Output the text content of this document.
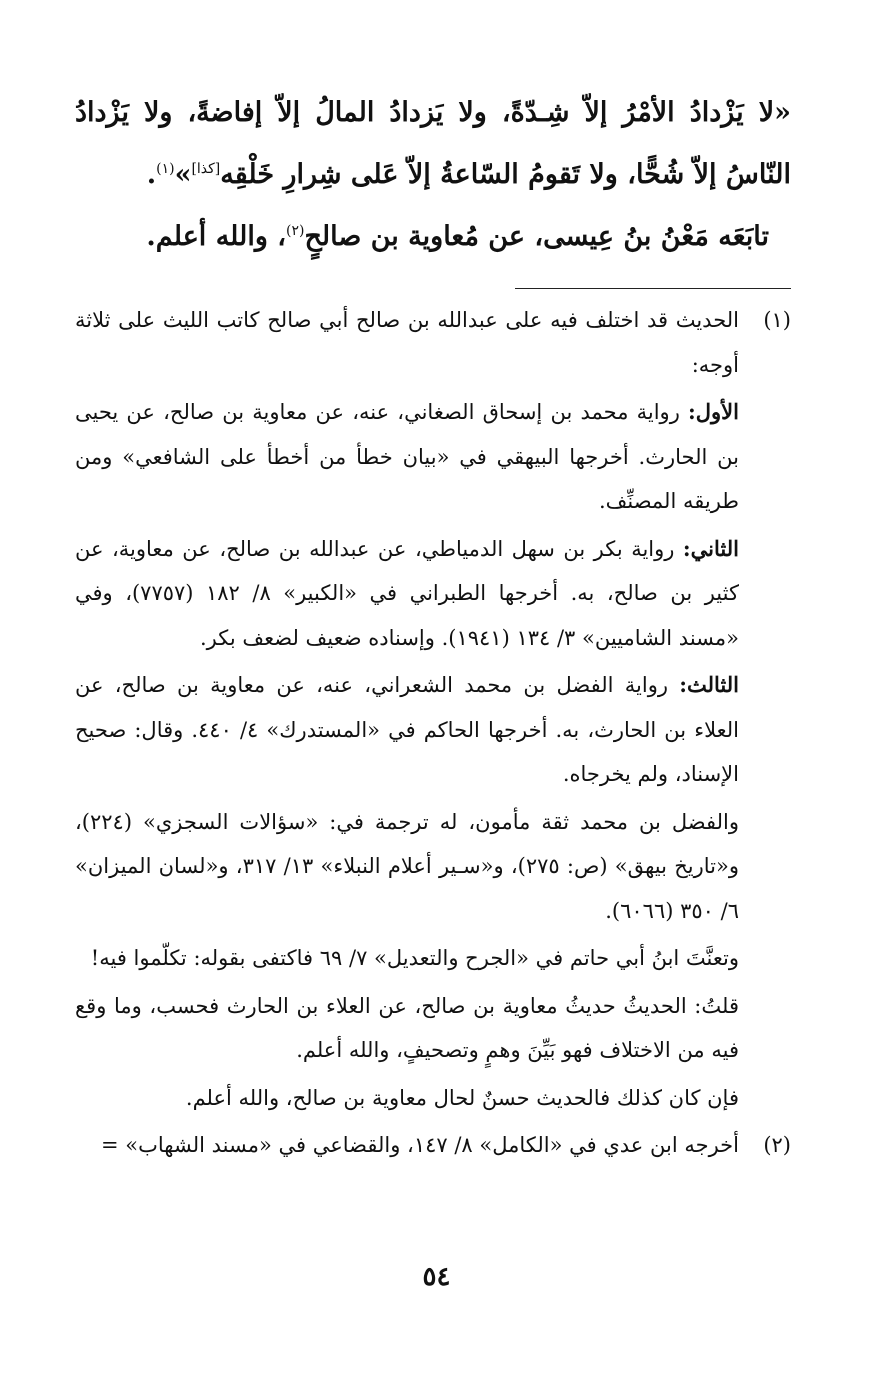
«لا يَزْدادُ الأمْرُ إلاّ شِـدّةً، ولا يَزدادُ المالُ إلاّ إفاضةً، ولا يَزْدادُ النّاسُ إلاّ شُحًّا، ولا تَقومُ السّاعةُ إلاّ عَلى شِرارِ خَلْقِه[كذا]»$^{(١)}$.

تابَعَه مَعْنُ بنُ عِيسى، عن مُعاوية بن صالحٍ$^{(٢)}$، والله أعلم.

(١)

الحديث قد اختلف فيه على عبدالله بن صالح أبي صالح كاتب الليث على ثلاثة أوجه:

الأول: رواية محمد بن إسحاق الصغاني، عنه، عن معاوية بن صالح، عن يحيى بن الحارث. أخرجها البيهقي في «بيان خطأ من أخطأ على الشافعي» ومن طريقه المصنِّف.

الثاني: رواية بكر بن سهل الدمياطي، عن عبدالله بن صالح، عن معاوية، عن كثير بن صالح، به. أخرجها الطبراني في «الكبير» ٨/ ١٨٢ (٧٧٥٧)، وفي «مسند الشاميين» ٣/ ١٣٤ (١٩٤١). وإسناده ضعيف لضعف بكر.

الثالث: رواية الفضل بن محمد الشعراني، عنه، عن معاوية بن صالح، عن العلاء بن الحارث، به. أخرجها الحاكم في «المستدرك» ٤/ ٤٤٠. وقال: صحيح الإسناد، ولم يخرجاه.

والفضل بن محمد ثقة مأمون، له ترجمة في: «سؤالات السجزي» (٢٢٤)، و«تاريخ بيهق» (ص: ٢٧٥)، و«سـير أعلام النبلاء» ١٣/ ٣١٧، و«لسان الميزان» ٦/ ٣٥٠ (٦٠٦٦).

وتعنَّتَ ابنُ أبي حاتم في «الجرح والتعديل» ٧/ ٦٩ فاكتفى بقوله: تكلّموا فيه!

قلتُ: الحديثُ حديثُ معاوية بن صالح، عن العلاء بن الحارث فحسب، وما وقع فيه من الاختلاف فهو بَيِّنَ وهمٍ وتصحيفٍ، والله أعلم.

فإن كان كذلك فالحديث حسنٌ لحال معاوية بن صالح، والله أعلم.

(٢)

أخرجه ابن عدي في «الكامل» ٨/ ١٤٧، والقضاعي في «مسند الشهاب» =

٥٤
